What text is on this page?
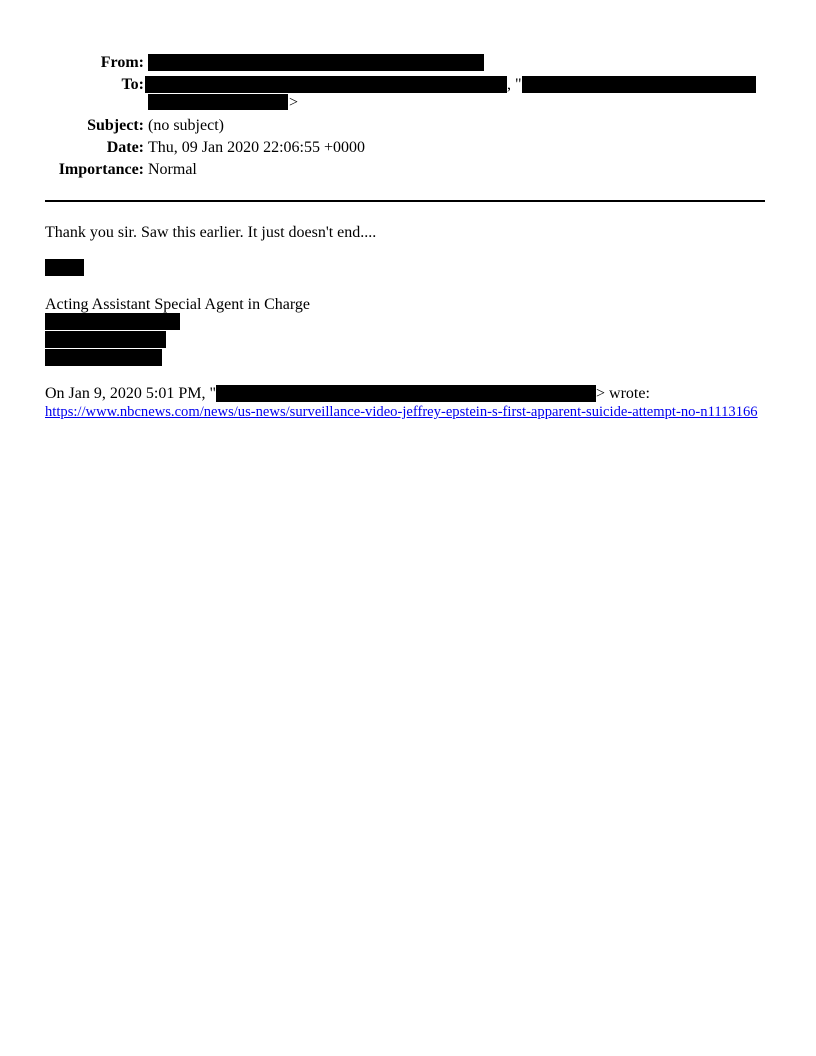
From:
To:	, "
>
Subject: (no subject)
Date: Thu, 09 Jan 2020 22:06:55 +0000
Importance: Normal
Thank you sir. Saw this earlier. It just doesn't end....
Acting Assistant Special Agent in Charge
On Jan 9, 2020 5:01 PM, "	> wrote:
https://www.nbcnews.com/news/us-news/surveillance-video-jeffrey-epstein-s-first-apparent-suicide-attempt-no-n1113166
